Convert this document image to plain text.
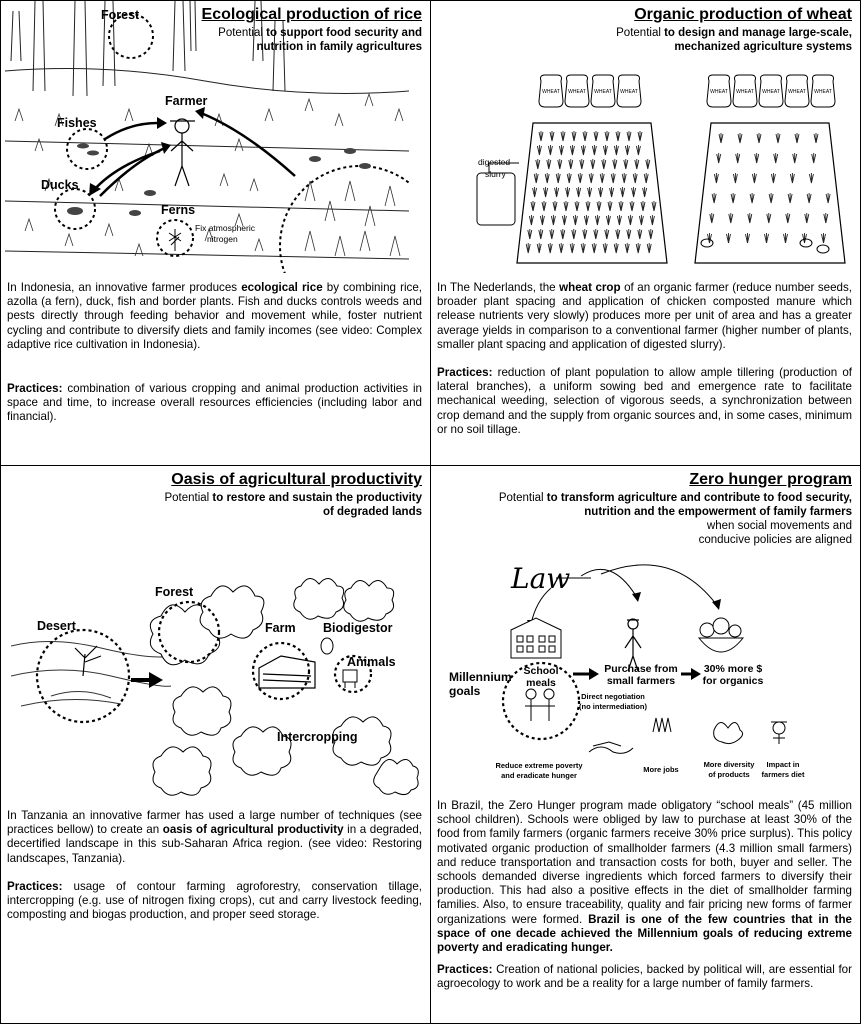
Forest
Farmer
Fishes
Ducks
Ferns
Fix atmospheric
nitrogen
Ecological production of rice
Potential to support food security and nutrition in family agricultures

In Indonesia, an innovative farmer produces ecological rice by combining rice, azolla (a fern), duck, fish and border plants. Fish and ducks controls weeds and pests directly through feeding behavior and movement while, foster nutrient cycling and contribute to diversify diets and family incomes (see video: Complex adaptive rice cultivation in Indonesia).

Practices: combination of various cropping and animal production activities in space and time, to increase overall resources efficiencies (including labor and financial).

Organic production of wheat
Potential to design and manage large-scale, mechanized agriculture systems
WHEAT WHEAT WHEAT WHEAT	WHEAT WHEAT WHEAT WHEAT WHEAT
digested
slurry

In The Nederlands, the wheat crop of an organic farmer (reduce number seeds, broader plant spacing and application of chicken composted manure which release nutrients very slowly) produces more per unit of area and has a greater average yields in comparison to a conventional farmer (higher number of plants, smaller plant spacing and application of digested slurry).

Practices: reduction of plant population to allow ample tillering (production of lateral branches), a uniform sowing bed and emergence rate to facilitate mechanical weeding, selection of vigorous seeds, a synchronization between crop demand and the supply from organic sources and, in some cases, minimum or no soil tillage.

Oasis of agricultural productivity
Potential to restore and sustain the productivity of degraded lands
Desert
Forest
Farm Biodigestor
Animals
Intercropping

In Tanzania an innovative farmer has used a large number of techniques (see practices bellow) to create an oasis of agricultural productivity in a degraded, decertified landscape in this sub-Saharan Africa region. (see video: Restoring landscapes, Tanzania).

Practices: usage of contour farming agroforestry, conservation tillage, intercropping (e.g. use of nitrogen fixing crops), cut and carry livestock feeding, composting and biogas production, and proper seed storage.

Zero hunger program
Potential to transform agriculture and contribute to food security, nutrition and the empowerment of family farmers
when social movements and conducive policies are aligned
Law
Millennium
goals
School
meals
Purchase from
small farmers
30% more $
for organics
Direct negotiation
(no intermediation)
Reduce extreme poverty
and eradicate hunger
More jobs
More diversity
of products
Impact in
farmers diet

In Brazil, the Zero Hunger program made obligatory “school meals” (45 million school children). Schools were obliged by law to purchase at least 30% of the food from family farmers (organic farmers receive 30% price surplus). This policy motivated organic production of smallholder farmers (4.3 million small farmers) and reduce transportation and transaction costs for both, buyer and seller. The schools demanded diverse ingredients which forced farmers to diversify their production. This had also a positive effects in the diet of smallholder farming families. Also, to ensure traceability, quality and fair pricing new forms of farmer organizations were formed. Brazil is one of the few countries that in the space of one decade achieved the Millennium goals of reducing extreme poverty and eradicating hunger.

Practices: Creation of national policies, backed by political will, are essential for agroecology to work and be a reality for a large number of family farmers.
